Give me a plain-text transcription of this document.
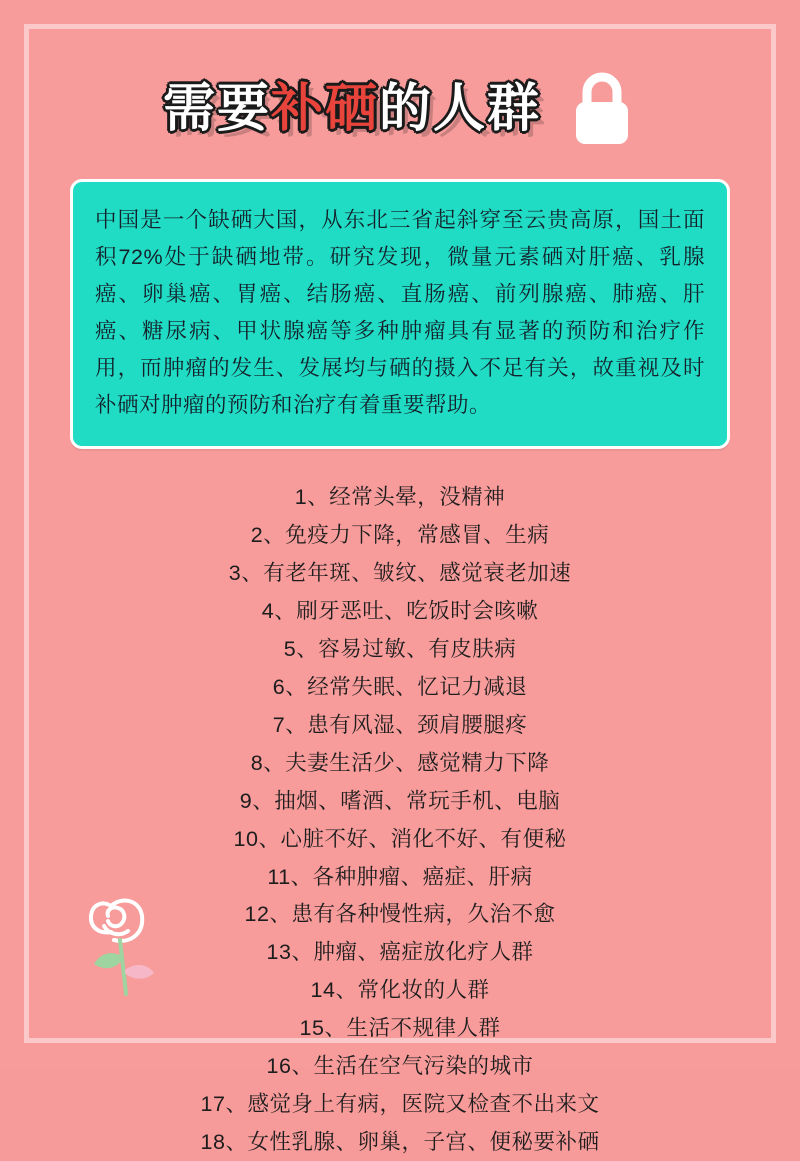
需要补硒的人群
中国是一个缺硒大国，从东北三省起斜穿至云贵高原，国土面积72%处于缺硒地带。研究发现，微量元素硒对肝癌、乳腺癌、卵巢癌、胃癌、结肠癌、直肠癌、前列腺癌、肺癌、肝癌、糖尿病、甲状腺癌等多种肿瘤具有显著的预防和治疗作用，而肿瘤的发生、发展均与硒的摄入不足有关，故重视及时补硒对肿瘤的预防和治疗有着重要帮助。
1、经常头晕，没精神
2、免疫力下降，常感冒、生病
3、有老年斑、皱纹、感觉衰老加速
4、刷牙恶吐、吃饭时会咳嗽
5、容易过敏、有皮肤病
6、经常失眠、忆记力减退
7、患有风湿、颈肩腰腿疼
8、夫妻生活少、感觉精力下降
9、抽烟、嗜酒、常玩手机、电脑
10、心脏不好、消化不好、有便秘
11、各种肿瘤、癌症、肝病
12、患有各种慢性病，久治不愈
13、肿瘤、癌症放化疗人群
14、常化妆的人群
15、生活不规律人群
16、生活在空气污染的城市
17、感觉身上有病，医院又检查不出来文
18、女性乳腺、卵巢，子宫、便秘要补硒
